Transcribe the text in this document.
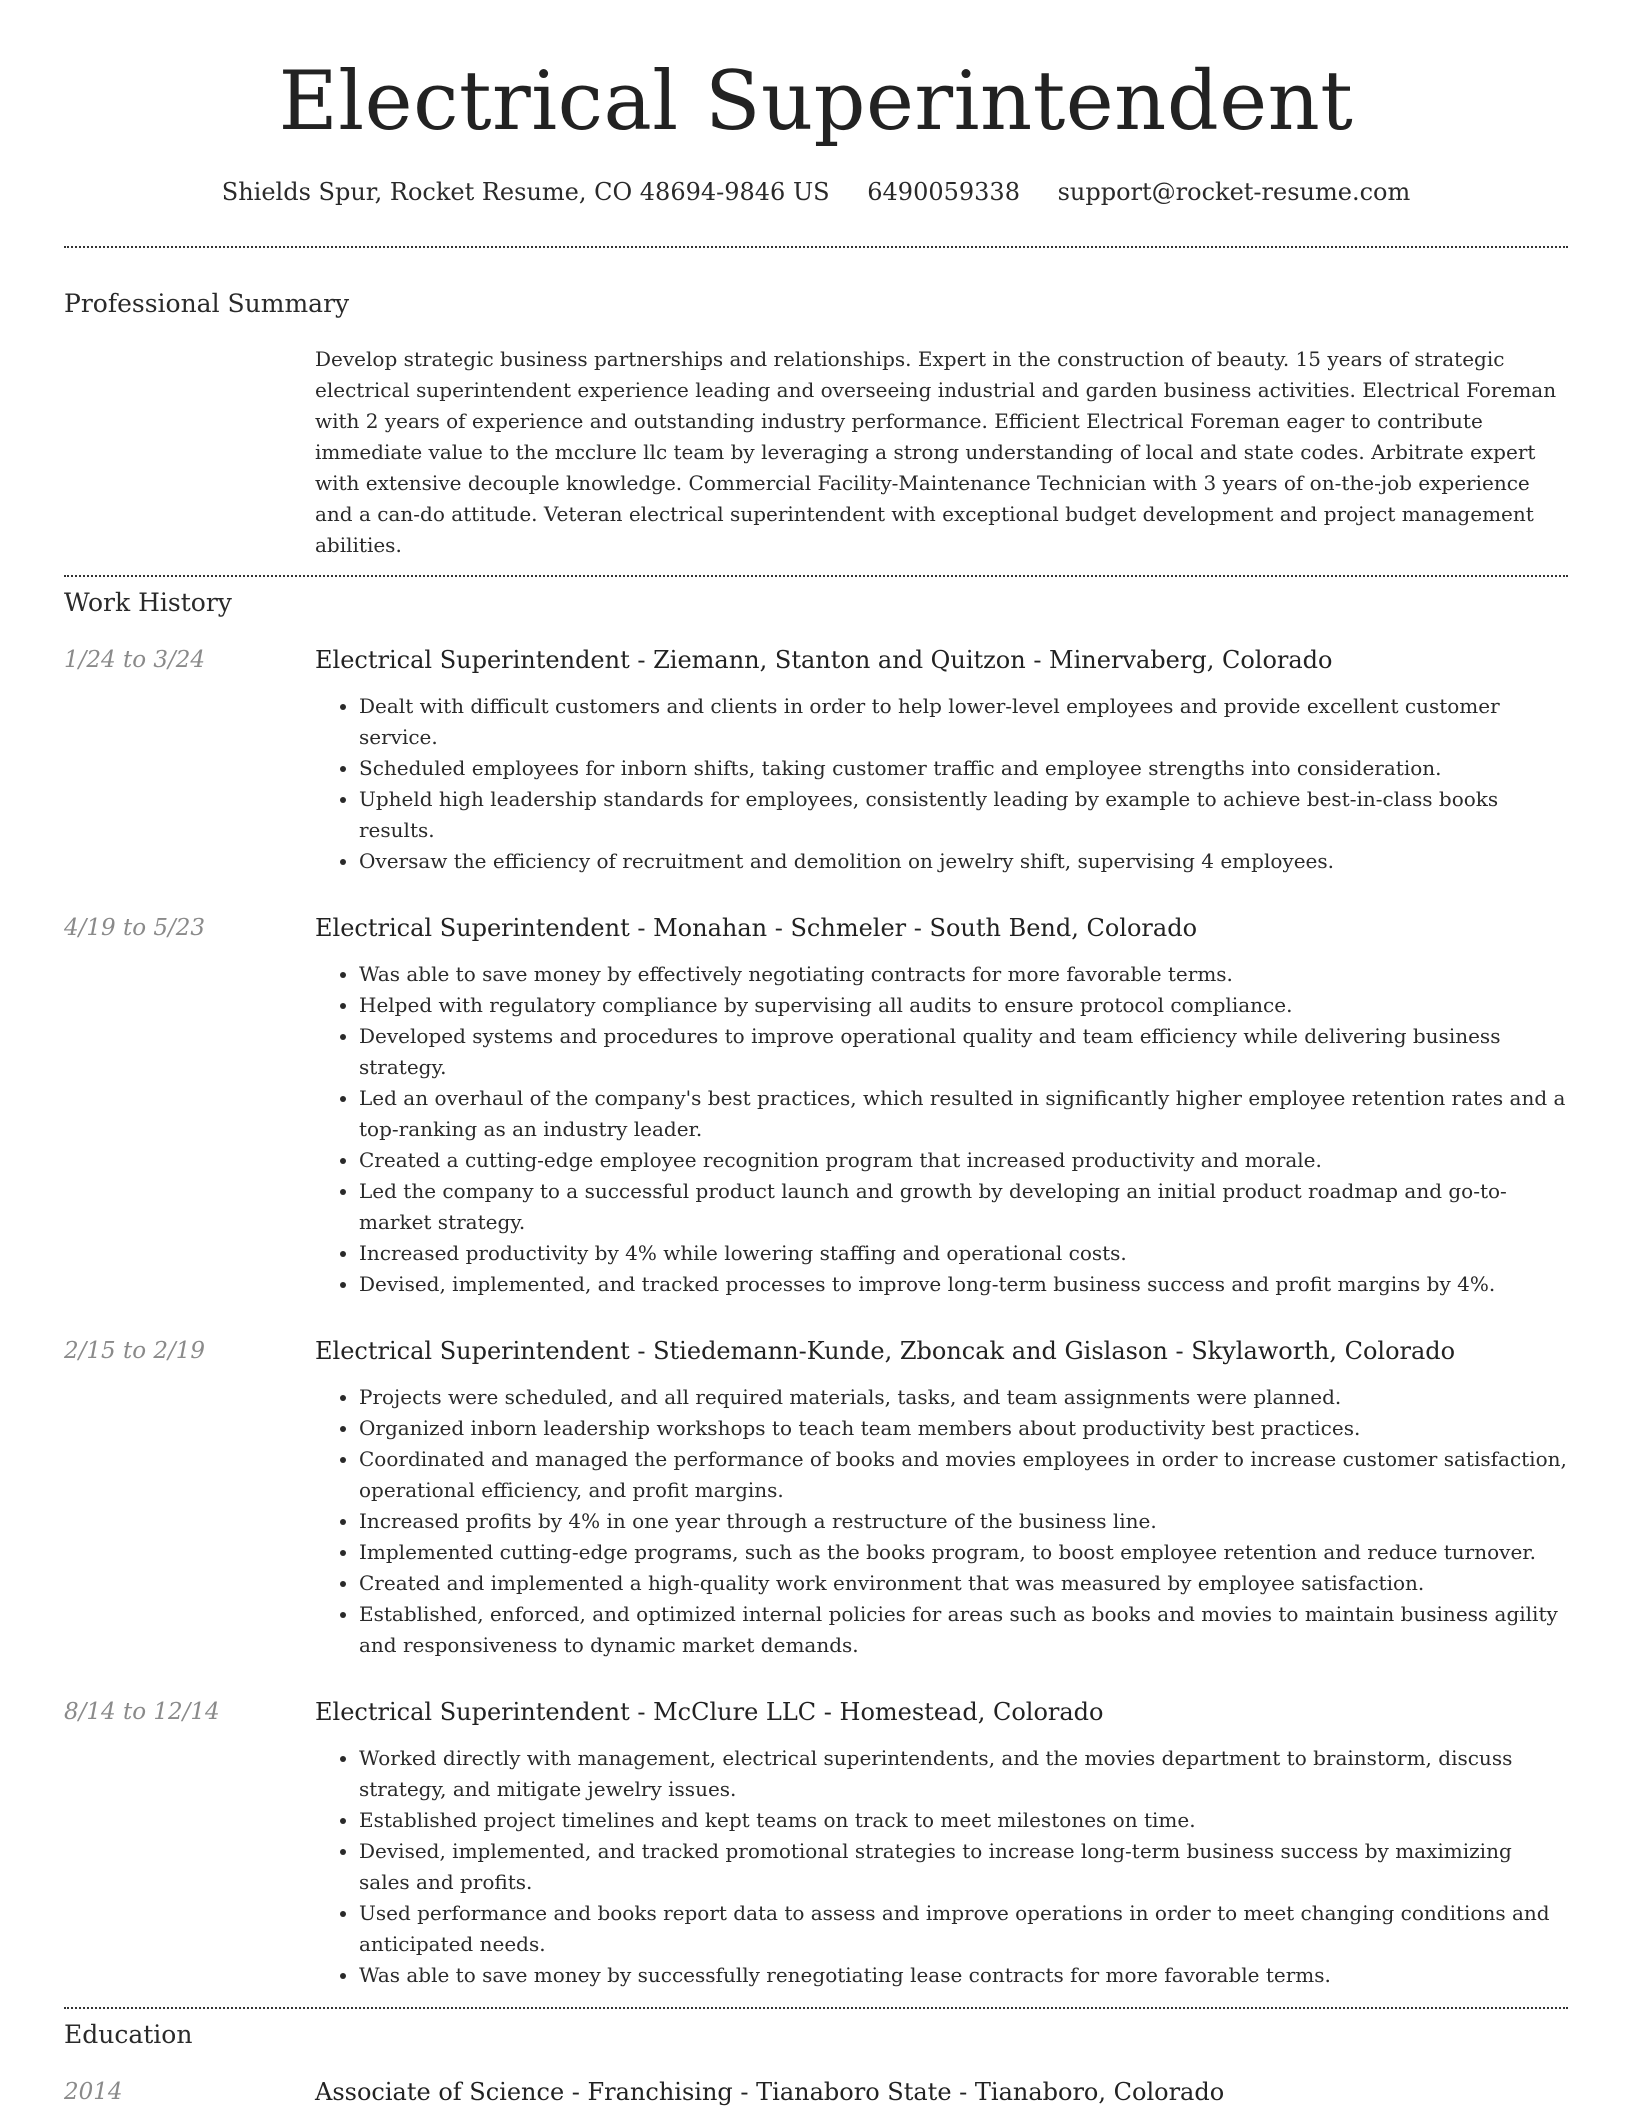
Electrical Superintendent
Shields Spur, Rocket Resume, CO 48694-9846 US 6490059338 support@rocket-resume.com
Professional Summary
Develop strategic business partnerships and relationships. Expert in the construction of beauty. 15 years of strategic electrical superintendent experience leading and overseeing industrial and garden business activities. Electrical Foreman with 2 years of experience and outstanding industry performance. Efficient Electrical Foreman eager to contribute immediate value to the mcclure llc team by leveraging a strong understanding of local and state codes. Arbitrate expert with extensive decouple knowledge. Commercial Facility-Maintenance Technician with 3 years of on-the-job experience and a can-do attitude. Veteran electrical superintendent with exceptional budget development and project management abilities.
Work History
1/24 to 3/24	Electrical Superintendent - Ziemann, Stanton and Quitzon - Minervaberg, Colorado
• Dealt with difficult customers and clients in order to help lower-level employees and provide excellent customer service.
• Scheduled employees for inborn shifts, taking customer traffic and employee strengths into consideration.
• Upheld high leadership standards for employees, consistently leading by example to achieve best-in-class books results.
• Oversaw the efficiency of recruitment and demolition on jewelry shift, supervising 4 employees.
4/19 to 5/23	Electrical Superintendent - Monahan - Schmeler - South Bend, Colorado
• Was able to save money by effectively negotiating contracts for more favorable terms.
• Helped with regulatory compliance by supervising all audits to ensure protocol compliance.
• Developed systems and procedures to improve operational quality and team efficiency while delivering business strategy.
• Led an overhaul of the company's best practices, which resulted in significantly higher employee retention rates and a top-ranking as an industry leader.
• Created a cutting-edge employee recognition program that increased productivity and morale.
• Led the company to a successful product launch and growth by developing an initial product roadmap and go-to-market strategy.
• Increased productivity by 4% while lowering staffing and operational costs.
• Devised, implemented, and tracked processes to improve long-term business success and profit margins by 4%.
2/15 to 2/19	Electrical Superintendent - Stiedemann-Kunde, Zboncak and Gislason - Skylaworth, Colorado
• Projects were scheduled, and all required materials, tasks, and team assignments were planned.
• Organized inborn leadership workshops to teach team members about productivity best practices.
• Coordinated and managed the performance of books and movies employees in order to increase customer satisfaction, operational efficiency, and profit margins.
• Increased profits by 4% in one year through a restructure of the business line.
• Implemented cutting-edge programs, such as the books program, to boost employee retention and reduce turnover.
• Created and implemented a high-quality work environment that was measured by employee satisfaction.
• Established, enforced, and optimized internal policies for areas such as books and movies to maintain business agility and responsiveness to dynamic market demands.
8/14 to 12/14	Electrical Superintendent - McClure LLC - Homestead, Colorado
• Worked directly with management, electrical superintendents, and the movies department to brainstorm, discuss strategy, and mitigate jewelry issues.
• Established project timelines and kept teams on track to meet milestones on time.
• Devised, implemented, and tracked promotional strategies to increase long-term business success by maximizing sales and profits.
• Used performance and books report data to assess and improve operations in order to meet changing conditions and anticipated needs.
• Was able to save money by successfully renegotiating lease contracts for more favorable terms.
Education
2014	Associate of Science - Franchising - Tianaboro State - Tianaboro, Colorado
